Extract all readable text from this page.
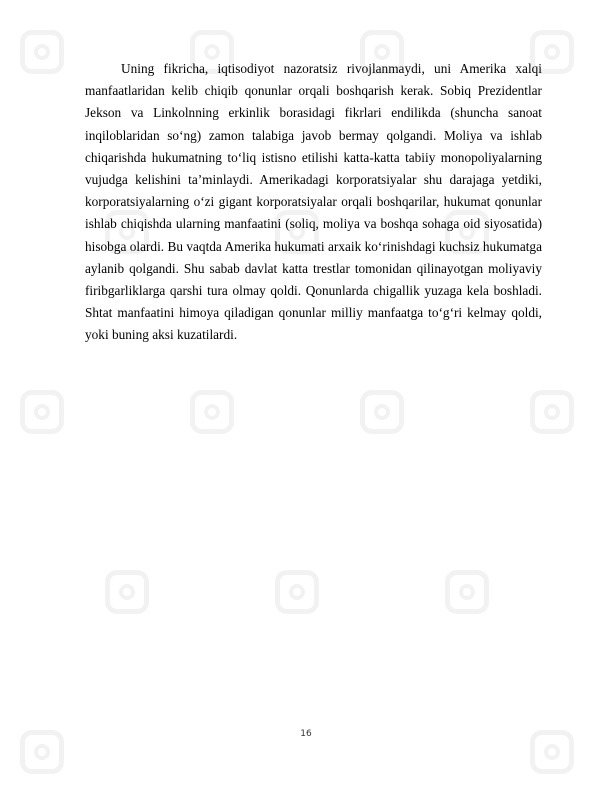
Uning fikricha, iqtisodiyot nazoratsiz rivojlanmaydi, uni Amerika xalqi manfaatlaridan kelib chiqib qonunlar orqali boshqarish kerak. Sobiq Prezidentlar Jekson va Linkolnning erkinlik borasidagi fikrlari endilikda (shuncha sanoat inqiloblaridan so‘ng) zamon talabiga javob bermay qolgandi. Moliya va ishlab chiqarishda hukumatning to‘liq istisno etilishi katta-katta tabiiy monopoliyalarning vujudga kelishini ta’minlaydi. Amerikadagi korporatsiyalar shu darajaga yetdiki, korporatsiyalarning o‘zi gigant korporatsiyalar orqali boshqarilar, hukumat qonunlar ishlab chiqishda ularning manfaatini (soliq, moliya va boshqa sohaga oid siyosatida) hisobga olardi. Bu vaqtda Amerika hukumati arxaik ko‘rinishdagi kuchsiz hukumatga aylanib qolgandi. Shu sabab davlat katta trestlar tomonidan qilinayotgan moliyaviy firibgarliklarga qarshi tura olmay qoldi. Qonunlarda chigallik yuzaga kela boshladi. Shtat manfaatini himoya qiladigan qonunlar milliy manfaatga to‘g‘ri kelmay qoldi, yoki buning aksi kuzatilardi.

16
